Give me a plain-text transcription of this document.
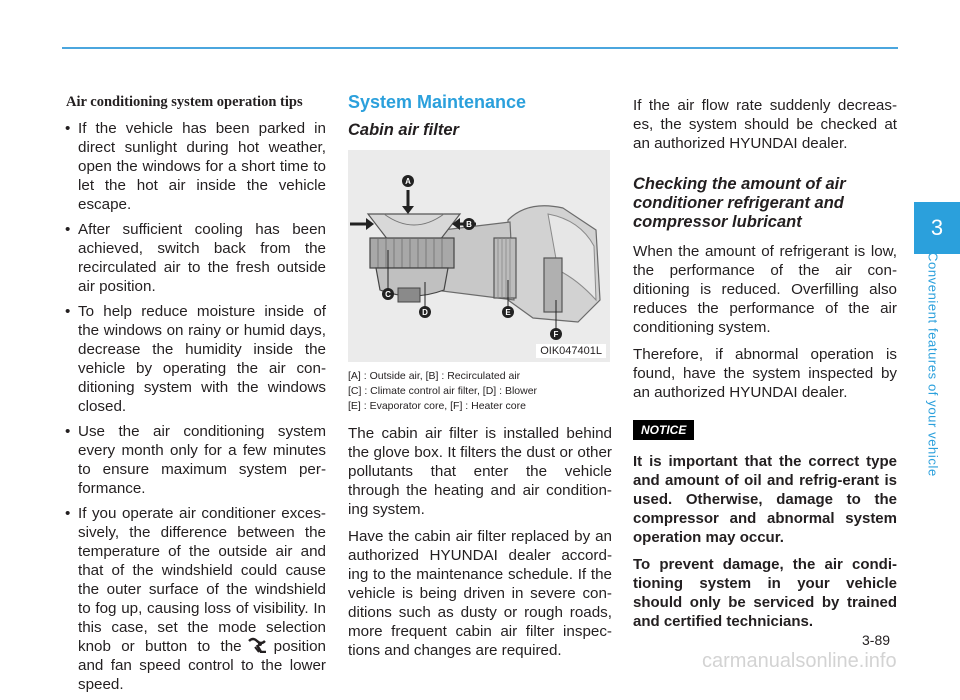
Air conditioning system operation tips
• If the vehicle has been parked in direct sunlight during hot weather, open the windows for a short time to let the hot air inside the vehicle escape.
• After sufficient cooling has been achieved, switch back from the recirculated air to the fresh outside air position.
• To help reduce moisture inside of the windows on rainy or humid days, decrease the humidity inside the vehicle by operating the air con-ditioning system with the windows closed.
• Use the air conditioning system every month only for a few minutes to ensure maximum system per-formance.
• If you operate air conditioner exces-sively, the difference between the temperature of the outside air and that of the windshield could cause the outer surface of the windshield to fog up, causing loss of visibility. In this case, set the mode selection knob or button to the position and fan speed control to the lower speed.
System Maintenance
Cabin air filter
A
B
C
D	E
F
OIK047401L
[A] : Outside air, [B] : Recirculated air
[C] : Climate control air filter, [D] : Blower
[E] : Evaporator core, [F] : Heater core

The cabin air filter is installed behind the glove box. It filters the dust or other pollutants that enter the vehicle through the heating and air condition-ing system.

Have the cabin air filter replaced by an authorized HYUNDAI dealer accord-ing to the maintenance schedule. If the vehicle is being driven in severe con-ditions such as dusty or rough roads, more frequent cabin air filter inspec-tions and changes are required.

If the air flow rate suddenly decreas-es, the system should be checked at an authorized HYUNDAI dealer.

Checking the amount of air conditioner refrigerant and compressor lubricant

When the amount of refrigerant is low, the performance of the air con-ditioning is reduced. Overfilling also reduces the performance of the air conditioning system.

Therefore, if abnormal operation is found, have the system inspected by an authorized HYUNDAI dealer.

NOTICE

It is important that the correct type and amount of oil and refrig-erant is used. Otherwise, damage to the compressor and abnormal system operation may occur.

To prevent damage, the air condi-tioning system in your vehicle should only be serviced by trained and certified technicians.

3
Convenient features of your vehicle
3-89
carmanualsonline.info
